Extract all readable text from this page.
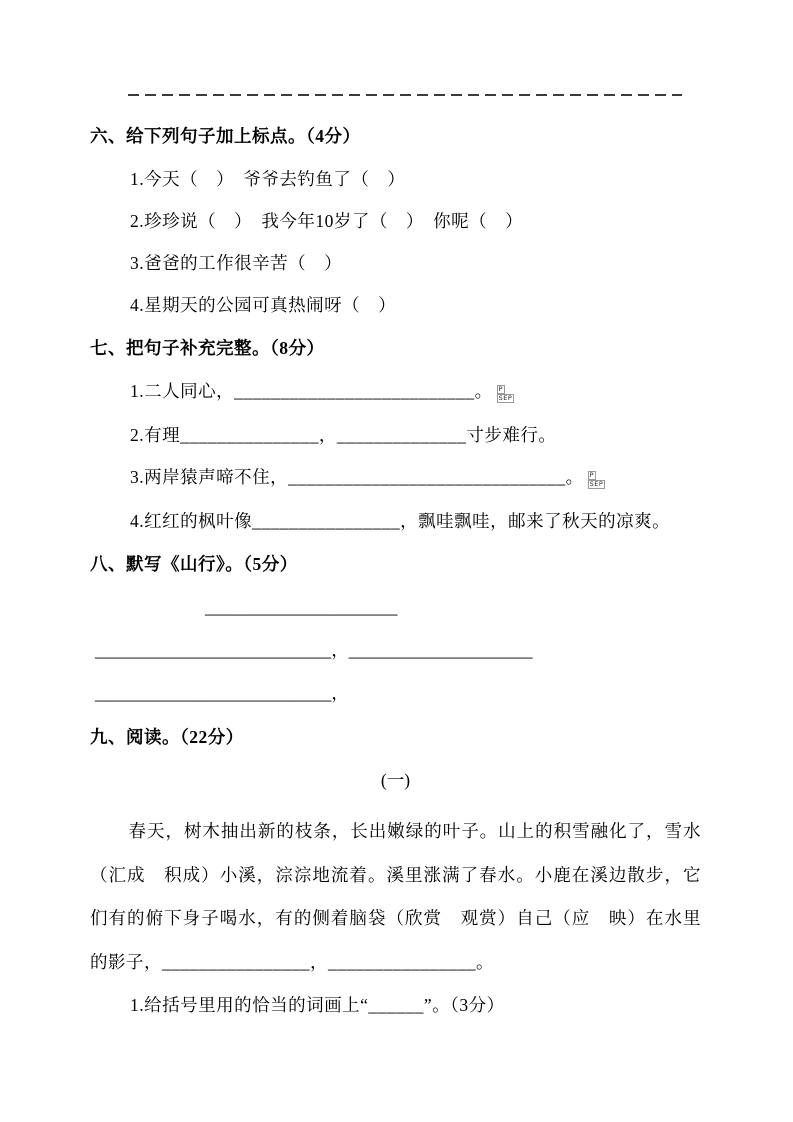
六、给下列句子加上标点。（4分）
1.今天（　）　爷爷去钓鱼了（　）
2.珍珍说（　）　我今年10岁了（　）　你呢（　）
3.爸爸的工作很辛苦（　）
4.星期天的公园可真热闹呀（　）
七、把句子补充完整。（8分）
1.二人同心，__________________________。 P
SEP
2.有理_______________，______________寸步难行。
3.两岸猿声啼不住，______________________________。 P
SEP
4.红红的枫叶像________________，飘哇飘哇，邮来了秋天的凉爽。
八、默写《山行》。（5分）
______________________
___________________________，_____________________
___________________________，
九、阅读。（22分）
(一)

春天，树木抽出新的枝条，长出嫩绿的叶子。山上的积雪融化了，雪水（汇成　积成）小溪，淙淙地流着。溪里涨满了春水。小鹿在溪边散步，它们有的俯下身子喝水，有的侧着脑袋（欣赏　观赏）自己（应　映）在水里的影子，________________，________________。

1.给括号里用的恰当的词画上“______”。（3分）
